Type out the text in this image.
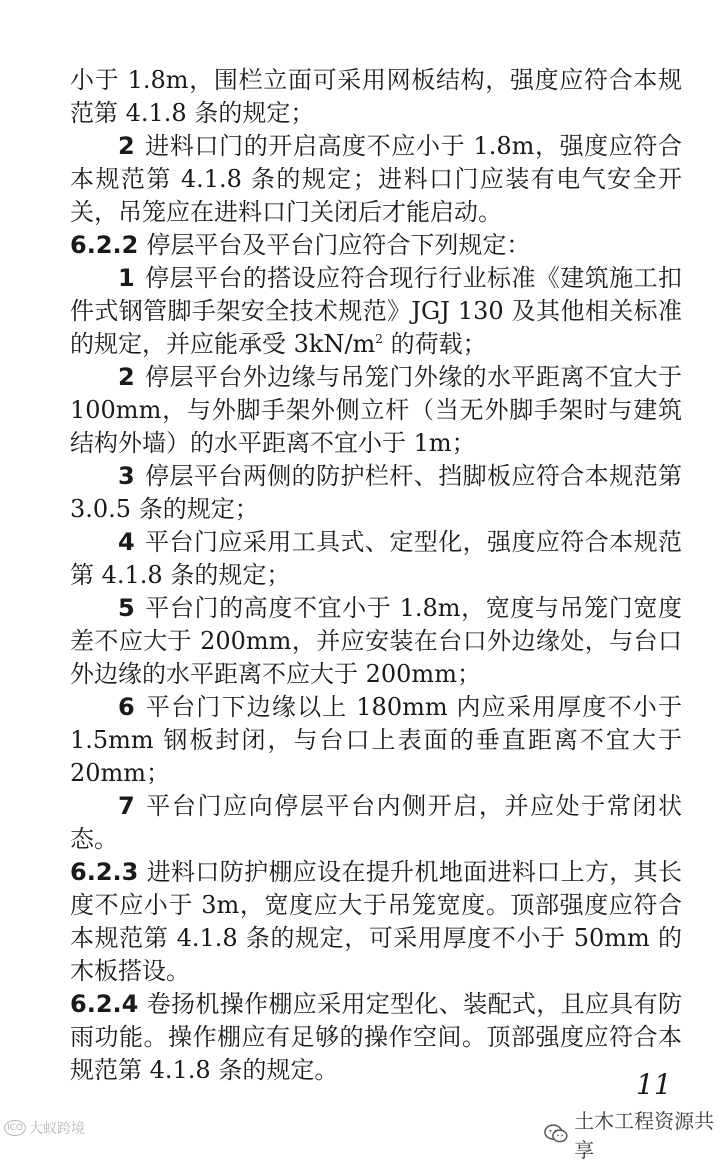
小于 1.8m，围栏立面可采用网板结构，强度应符合本规范第 4.1.8 条的规定；

2 进料口门的开启高度不应小于 1.8m，强度应符合本规范第 4.1.8 条的规定；进料口门应装有电气安全开关，吊笼应在进料口门关闭后才能启动。

6.2.2 停层平台及平台门应符合下列规定：

1 停层平台的搭设应符合现行行业标准《建筑施工扣件式钢管脚手架安全技术规范》JGJ 130 及其他相关标准的规定，并应能承受 $3kN/m^2$ 的荷载；

2 停层平台外边缘与吊笼门外缘的水平距离不宜大于 100mm，与外脚手架外侧立杆（当无外脚手架时与建筑结构外墙）的水平距离不宜小于 1m；

3 停层平台两侧的防护栏杆、挡脚板应符合本规范第 3.0.5 条的规定；

4 平台门应采用工具式、定型化，强度应符合本规范第 4.1.8 条的规定；

5 平台门的高度不宜小于 1.8m，宽度与吊笼门宽度差不应大于 200mm，并应安装在台口外边缘处，与台口外边缘的水平距离不应大于 200mm；

6 平台门下边缘以上 180mm 内应采用厚度不小于 1.5mm 钢板封闭，与台口上表面的垂直距离不宜大于 20mm；

7 平台门应向停层平台内侧开启，并应处于常闭状态。

6.2.3 进料口防护棚应设在提升机地面进料口上方，其长度不应小于 3m，宽度应大于吊笼宽度。顶部强度应符合本规范第 4.1.8 条的规定，可采用厚度不小于 50mm 的木板搭设。

6.2.4 卷扬机操作棚应采用定型化、装配式，且应具有防雨功能。操作棚应有足够的操作空间。顶部强度应符合本规范第 4.1.8 条的规定。	11
ICO 大蚁跨境	土木工程资源共享
